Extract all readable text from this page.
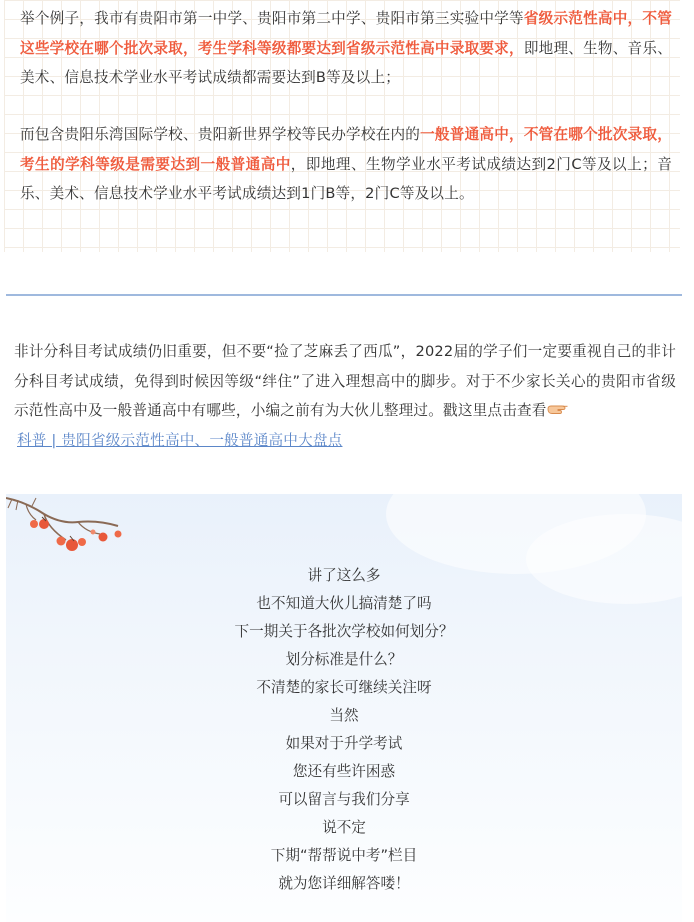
举个例子，我市有贵阳市第一中学、贵阳市第二中学、贵阳市第三实验中学等省级示范性高中，不管这些学校在哪个批次录取，考生学科等级都要达到省级示范性高中录取要求，即地理、生物、音乐、美术、信息技术学业水平考试成绩都需要达到B等及以上；

而包含贵阳乐湾国际学校、贵阳新世界学校等民办学校在内的一般普通高中，不管在哪个批次录取，考生的学科等级是需要达到一般普通高中，即地理、生物学业水平考试成绩达到2门C等及以上；音乐、美术、信息技术学业水平考试成绩达到1门B等，2门C等及以上。

非计分科目考试成绩仍旧重要，但不要“捡了芝麻丢了西瓜”，2022届的学子们一定要重视自己的非计分科目考试成绩，免得到时候因等级“绊住”了进入理想高中的脚步。对于不少家长关心的贵阳市省级示范性高中及一般普通高中有哪些，小编之前有为大伙儿整理过。戳这里点击查看
科普 | 贵阳省级示范性高中、一般普通高中大盘点

讲了这么多
也不知道大伙儿搞清楚了吗
下一期关于各批次学校如何划分？
划分标准是什么？
不清楚的家长可继续关注呀
当然
如果对于升学考试
您还有些许困惑
可以留言与我们分享
说不定
下期“帮帮说中考”栏目
就为您详细解答喽！
